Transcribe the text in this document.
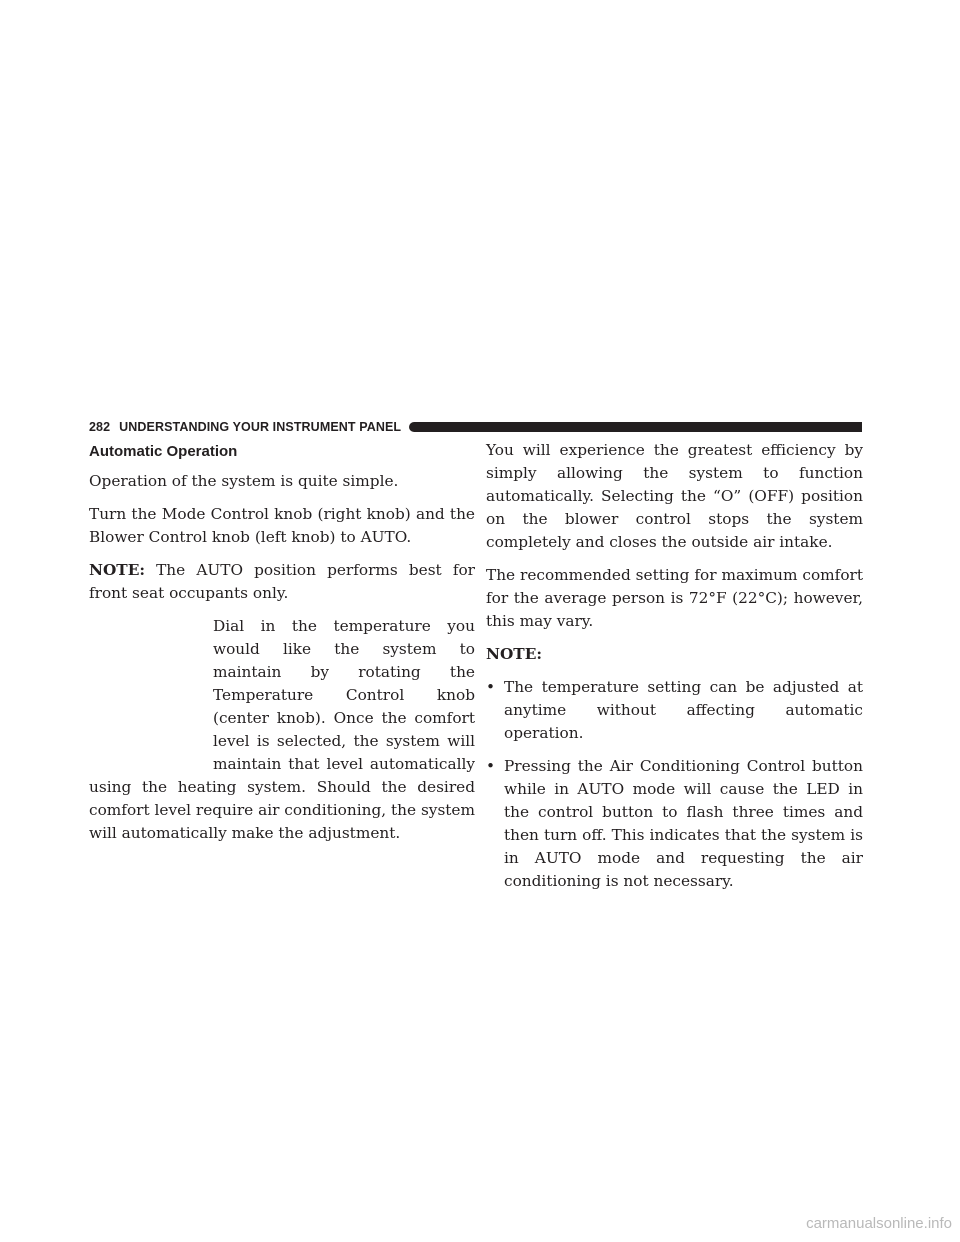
282 UNDERSTANDING YOUR INSTRUMENT PANEL
Automatic Operation

Operation of the system is quite simple.

Turn the Mode Control knob (right knob) and the Blower Control knob (left knob) to AUTO.

NOTE: The AUTO position performs best for front seat occupants only.

Dial in the temperature you would like the system to maintain by rotating the Temperature Control knob (center knob). Once the comfort level is selected, the system will maintain that level automatically using the heating system. Should the desired comfort level require air conditioning, the system will automatically make the adjustment.

You will experience the greatest efficiency by simply allowing the system to function automatically. Selecting the “O” (OFF) position on the blower control stops the system completely and closes the outside air intake.

The recommended setting for maximum comfort for the average person is 72°F (22°C); however, this may vary.

NOTE:

• The temperature setting can be adjusted at anytime without affecting automatic operation.
• Pressing the Air Conditioning Control button while in AUTO mode will cause the LED in the control button to flash three times and then turn off. This indicates that the system is in AUTO mode and requesting the air conditioning is not necessary.
carmanualsonline.info
